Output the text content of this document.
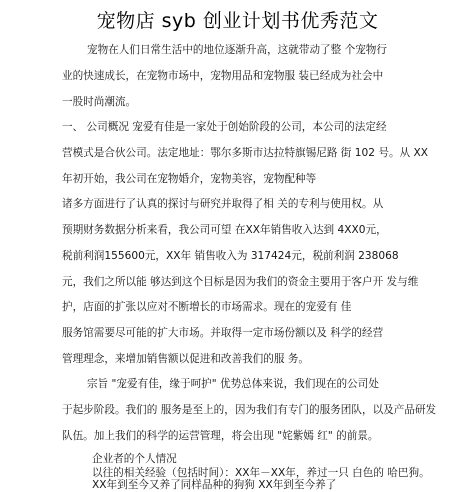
宠物店 syb 创业计划书优秀范文
宠物在人们日常生活中的地位逐渐升高，这就带动了整 个宠物行
业的快速成长，在宠物市场中，宠物用品和宠物服 装已经成为社会中
一股时尚潮流。
一、 公司概况 宠爱有佳是一家处于创始阶段的公司，本公司的法定经
营模式是合伙公司。法定地址：鄂尔多斯市达拉特旗锡尼路 街 102 号。从 XX
年初开始，我公司在宠物婚介，宠物美容，宠物配种等
诸多方面进行了认真的探讨与研究并取得了相 关的专利与使用权。从
预期财务数据分析来看，我公司可望 在XX年销售收入达到 4XX0元，
税前利润155600元，XX年 销售收入为 317424元，税前利润 238068
元，我们之所以能 够达到这个目标是因为我们的资金主要用于客户开 发与维
护，店面的扩张以应对不断增长的市场需求。现在的宠爱有 佳
服务馆需要尽可能的扩大市场。并取得一定市场份额以及 科学的经营
管理理念，来增加销售额以促进和改善我们的服 务。
宗旨 "宠爱有佳，缘于呵护" 优势总体来说，我们现在的公司处
于起步阶段。我们的 服务是至上的，因为我们有专门的服务团队，以及产品研发
队伍。加上我们的科学的运营管理，将会出现 "姹紫嫣 红" 的前景。
企业者的个人情况
以往的相关经验（包括时间）：XX年－XX年，养过一只 白色的 哈巴狗。
XX年到至今又养了同样品种的狗狗 XX年到至今养了
